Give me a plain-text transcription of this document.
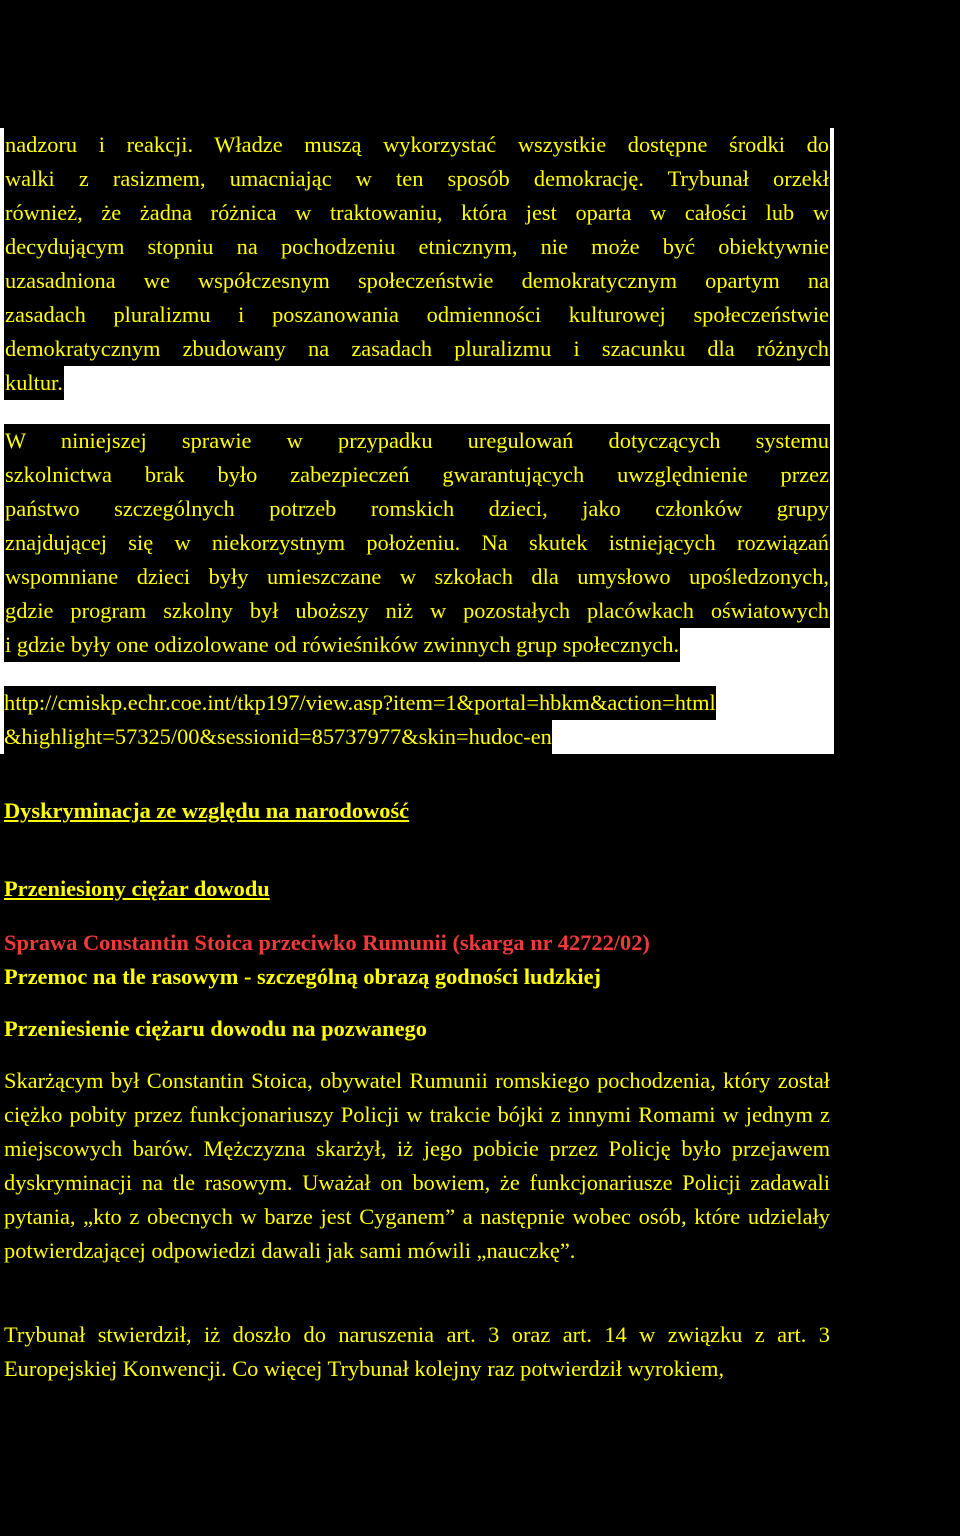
nadzoru i reakcji. Władze muszą wykorzystać wszystkie dostępne środki do
walki z rasizmem, umacniając w ten sposób demokrację. Trybunał orzekł
również, że żadna różnica w traktowaniu, która jest oparta w całości lub w
decydującym stopniu na pochodzeniu etnicznym, nie może być obiektywnie
uzasadniona we współczesnym społeczeństwie demokratycznym opartym na
zasadach pluralizmu i poszanowania odmienności kulturowej społeczeństwie
demokratycznym zbudowany na zasadach pluralizmu i szacunku dla różnych
kultur.
W niniejszej sprawie w przypadku uregulowań dotyczących systemu
szkolnictwa brak było zabezpieczeń gwarantujących uwzględnienie przez
państwo szczególnych potrzeb romskich dzieci, jako członków grupy
znajdującej się w niekorzystnym położeniu. Na skutek istniejących rozwiązań
wspomniane dzieci były umieszczane w szkołach dla umysłowo upośledzonych,
gdzie program szkolny był uboższy niż w pozostałych placówkach oświatowych
i gdzie były one odizolowane od rówieśników zwinnych grup społecznych.
http://cmiskp.echr.coe.int/tkp197/view.asp?item=1&portal=hbkm&action=html
&highlight=57325/00&sessionid=85737977&skin=hudoc-en

Dyskryminacja ze względu na narodowość

Przeniesiony ciężar dowodu

Sprawa Constantin Stoica przeciwko Rumunii (skarga nr 42722/02)

Przemoc na tle rasowym - szczególną obrazą godności ludzkiej

Przeniesienie ciężaru dowodu na pozwanego

Skarżącym był Constantin Stoica, obywatel Rumunii romskiego pochodzenia, który został ciężko pobity przez funkcjonariuszy Policji w trakcie bójki z innymi Romami w jednym z miejscowych barów. Mężczyzna skarżył, iż jego pobicie przez Policję było przejawem dyskryminacji na tle rasowym. Uważał on bowiem, że funkcjonariusze Policji zadawali pytania, „kto z obecnych w barze jest Cyganem” a następnie wobec osób, które udzielały potwierdzającej odpowiedzi dawali jak sami mówili „nauczkę”.

Trybunał stwierdził, iż doszło do naruszenia art. 3 oraz art. 14 w związku z art. 3 Europejskiej Konwencji. Co więcej Trybunał kolejny raz potwierdził wyrokiem,
